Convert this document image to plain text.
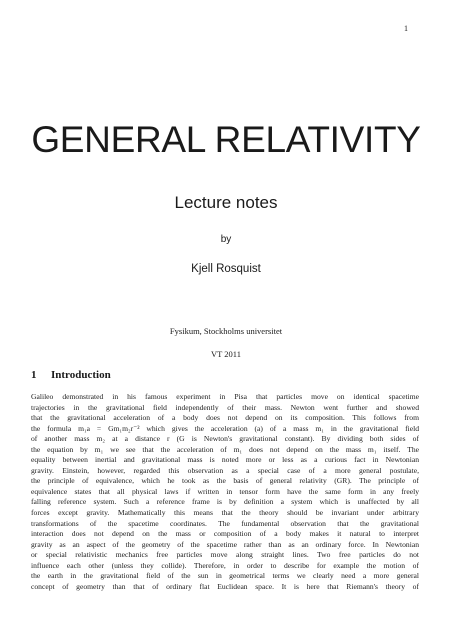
1
GENERAL RELATIVITY
Lecture notes
by
Kjell Rosquist
Fysikum, Stockholms universitet
VT 2011
1 Introduction
Galileo demonstrated in his famous experiment in Pisa that particles move on identical spacetime
trajectories in the gravitational field independently of their mass. Newton went further and showed
that the gravitational acceleration of a body does not depend on its composition. This follows from
the formula m₁a = Gm₁m₂r⁻² which gives the acceleration (a) of a mass m₁ in the gravitational field
of another mass m₂ at a distance r (G is Newton's gravitational constant). By dividing both sides of
the equation by m₁ we see that the acceleration of m₁ does not depend on the mass m₁ itself. The
equality between inertial and gravitational mass is noted more or less as a curious fact in Newtonian
gravity. Einstein, however, regarded this observation as a special case of a more general postulate,
the principle of equivalence, which he took as the basis of general relativity (GR). The principle of
equivalence states that all physical laws if written in tensor form have the same form in any freely
falling reference system. Such a reference frame is by definition a system which is unaffected by all
forces except gravity. Mathematically this means that the theory should be invariant under arbitrary
transformations of the spacetime coordinates. The fundamental observation that the gravitational
interaction does not depend on the mass or composition of a body makes it natural to interpret
gravity as an aspect of the geometry of the spacetime rather than as an ordinary force. In Newtonian
or special relativistic mechanics free particles move along straight lines. Two free particles do not
influence each other (unless they collide). Therefore, in order to describe for example the motion of
the earth in the gravitational field of the sun in geometrical terms we clearly need a more general
concept of geometry than that of ordinary flat Euclidean space. It is here that Riemann's theory of
